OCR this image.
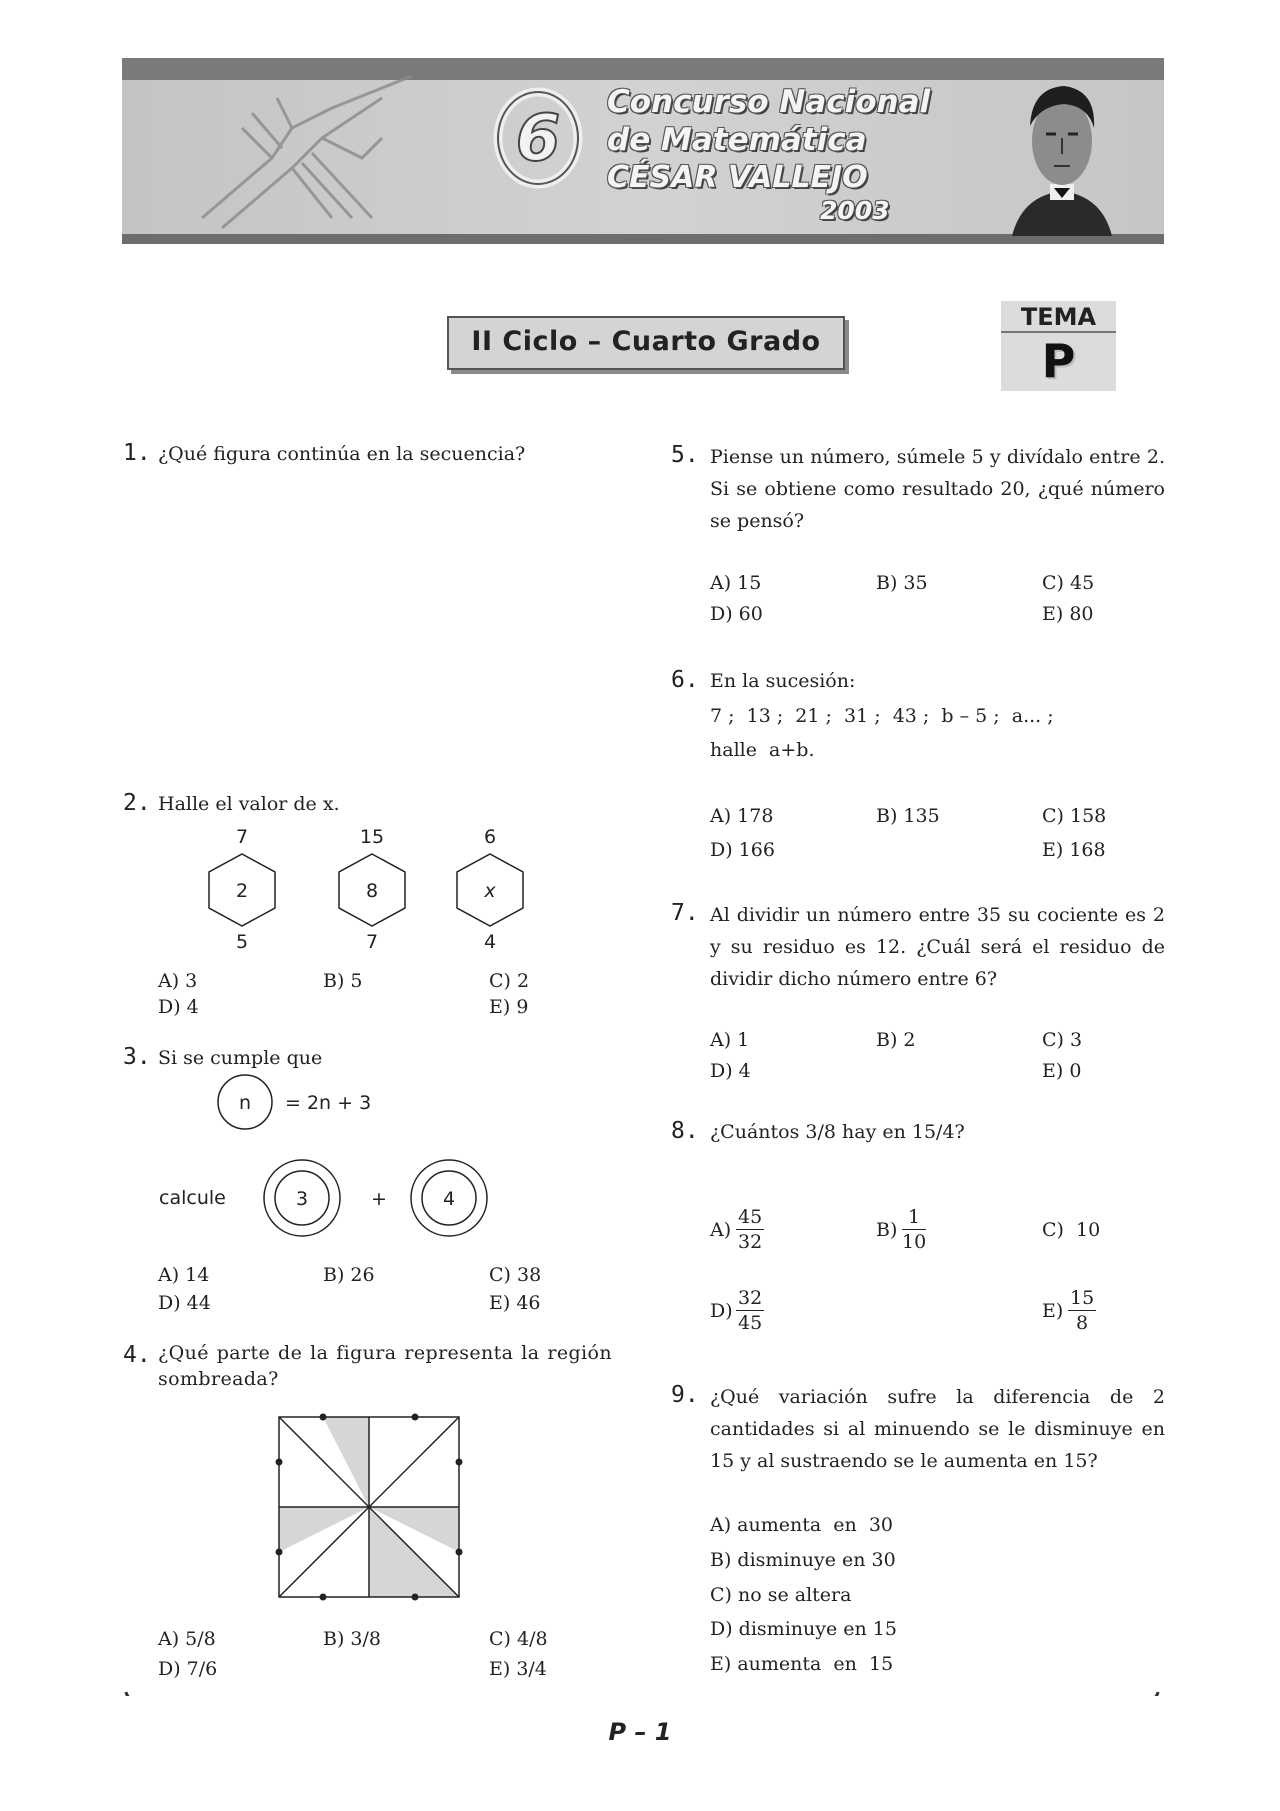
6 Concurso Nacional
de Matemática
CÉSAR VALLEJO
2003
II Ciclo – Cuarto Grado
TEMA
P
1. ¿Qué figura continúa en la secuencia?
2. Halle el valor de x.
7
2
5
15
8
7
6
x
4
A) 3	B) 5	C) 2
D) 4	E) 9
3. Si se cumple que
n = 2n + 3
calcule	3	+	4
A) 14	B) 26	C) 38
D) 44	E) 46
4. ¿Qué parte de la figura representa la región sombreada?
A) 5/8	B) 3/8	C) 4/8
D) 7/6	E) 3/4
5. Piense un número, súmele 5 y divídalo entre 2. Si se obtiene como resultado 20, ¿qué número se pensó?
A) 15	B) 35	C) 45
D) 60	E) 80
6. En la sucesión:
7 ;  13 ;  21 ;  31 ;  43 ;  b – 5 ;  a... ;
halle  a+b.
A) 178	B) 135	C) 158
D) 166	E) 168
7. Al dividir un número entre 35 su cociente es 2 y su residuo es 12. ¿Cuál será el residuo de dividir dicho número entre 6?
A) 1	B) 2	C) 3
D) 4	E) 0
8. ¿Cuántos 3/8 hay en 15/4?
$A) \frac{45}{32}$	$B) \frac{1}{10}$	C)  10
$D) \frac{32}{45}$	$E) \frac{15}{8}$
9. ¿Qué variación sufre la diferencia de 2 cantidades si al minuendo se le disminuye en 15 y al sustraendo se le aumenta en 15?
A) aumenta  en  30
B) disminuye en 30
C) no se altera
D) disminuye en 15
E) aumenta  en  15
P – 1
